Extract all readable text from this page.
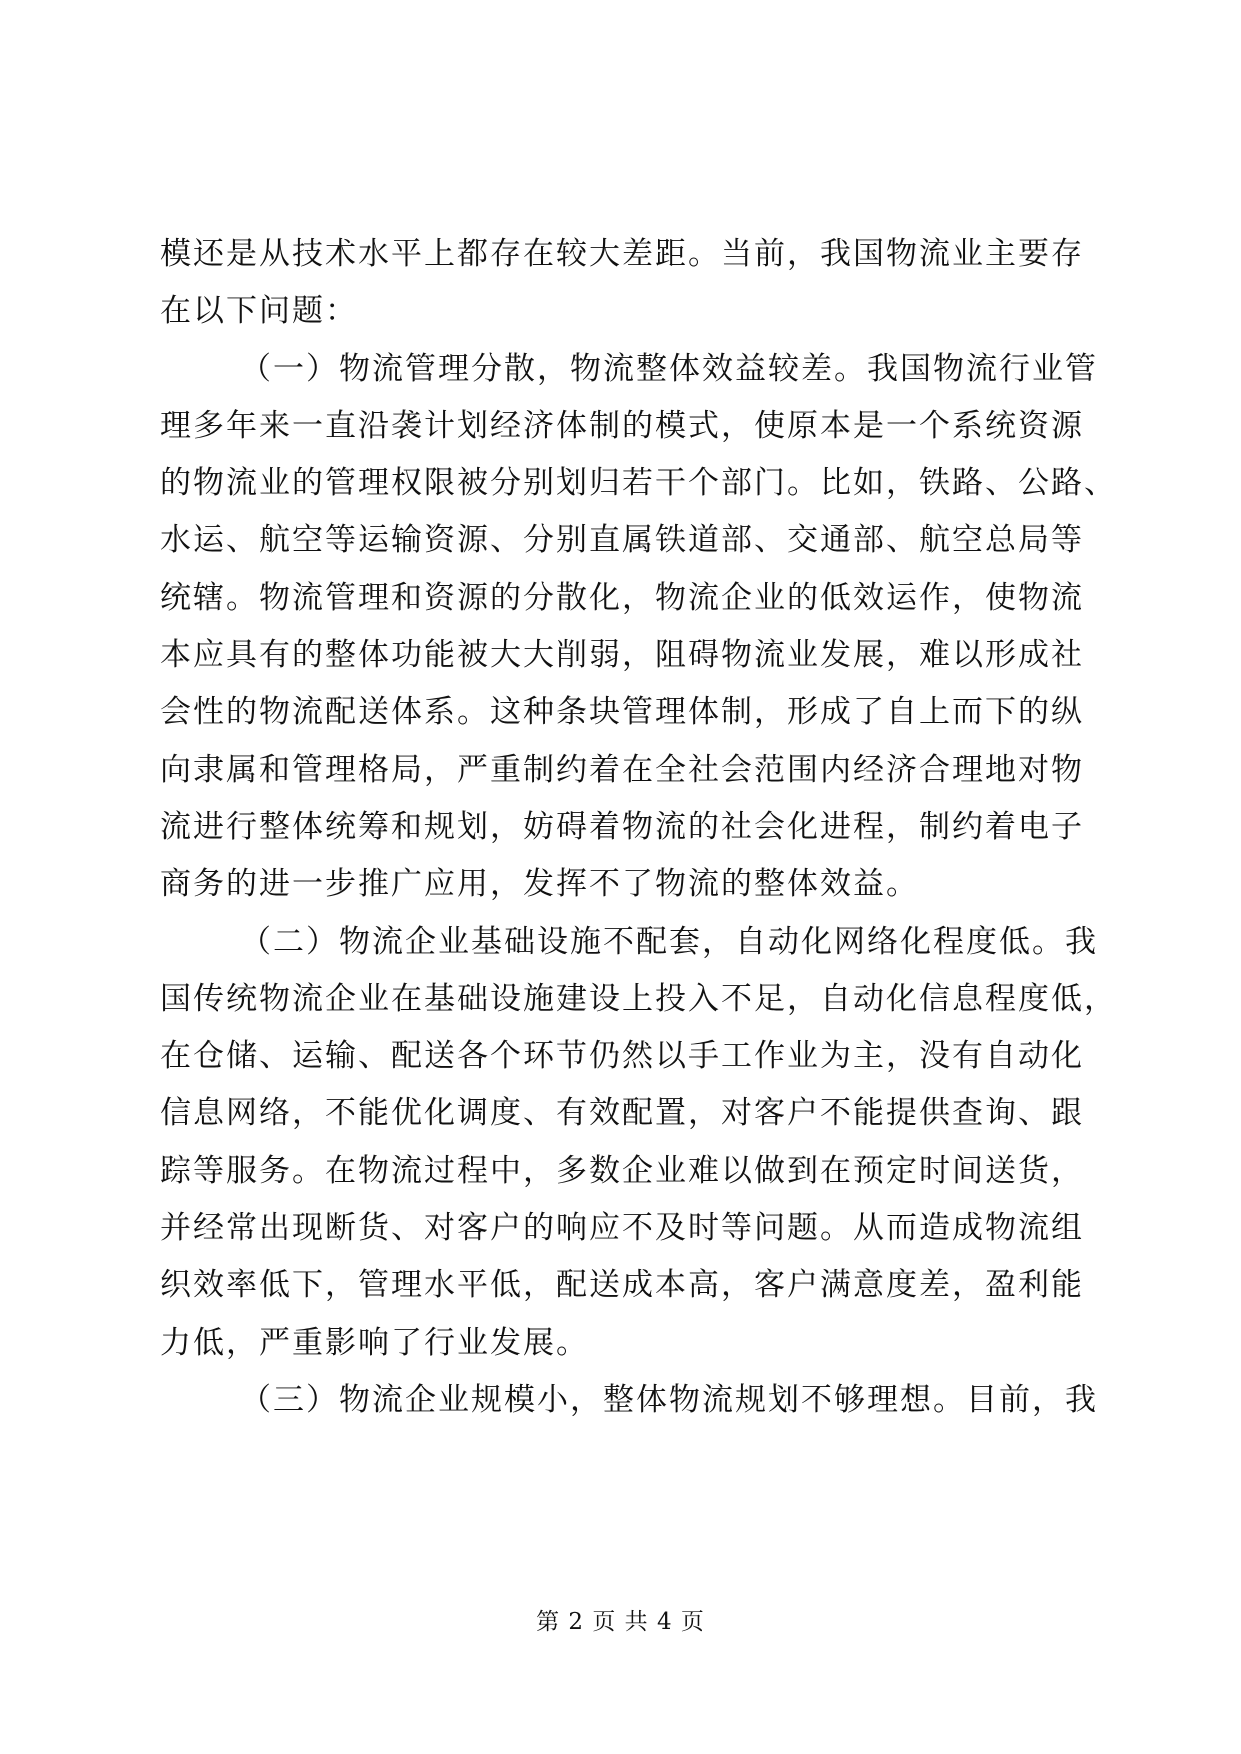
模还是从技术水平上都存在较大差距。当前，我国物流业主要存
在以下问题：
（一）物流管理分散，物流整体效益较差。我国物流行业管
理多年来一直沿袭计划经济体制的模式，使原本是一个系统资源
的物流业的管理权限被分别划归若干个部门。比如，铁路、公路、
水运、航空等运输资源、分别直属铁道部、交通部、航空总局等
统辖。物流管理和资源的分散化，物流企业的低效运作，使物流
本应具有的整体功能被大大削弱，阻碍物流业发展，难以形成社
会性的物流配送体系。这种条块管理体制，形成了自上而下的纵
向隶属和管理格局，严重制约着在全社会范围内经济合理地对物
流进行整体统筹和规划，妨碍着物流的社会化进程，制约着电子
商务的进一步推广应用，发挥不了物流的整体效益。
（二）物流企业基础设施不配套，自动化网络化程度低。我
国传统物流企业在基础设施建设上投入不足，自动化信息程度低，
在仓储、运输、配送各个环节仍然以手工作业为主，没有自动化
信息网络，不能优化调度、有效配置，对客户不能提供查询、跟
踪等服务。在物流过程中，多数企业难以做到在预定时间送货，
并经常出现断货、对客户的响应不及时等问题。从而造成物流组
织效率低下，管理水平低，配送成本高，客户满意度差，盈利能
力低，严重影响了行业发展。
（三）物流企业规模小，整体物流规划不够理想。目前，我
第 2 页 共 4 页
